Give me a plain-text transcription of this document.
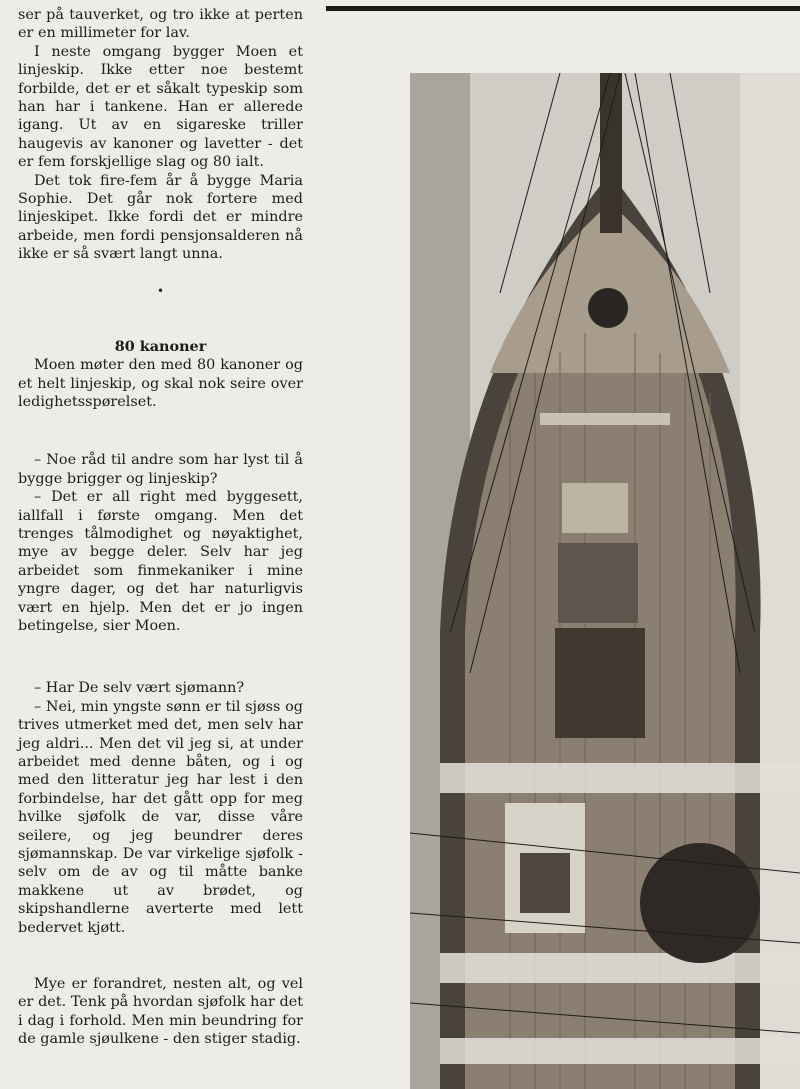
ser på tauverket, og tro ikke at perten er en millimeter for lav.

I neste omgang bygger Moen et linjeskip. Ikke etter noe bestemt forbilde, det er et såkalt typeskip som han har i tankene. Han er allerede igang. Ut av en sigareske triller haugevis av kanoner og lavetter - det er fem forskjellige slag og 80 ialt.

Det tok fire-fem år å bygge Maria Sophie. Det går nok fortere med linjeskipet. Ikke fordi det er mindre arbeide, men fordi pensjonsalderen nå ikke er så svært langt unna.

•
80 kanoner

Moen møter den med 80 kanoner og et helt linjeskip, og skal nok seire over ledighetsspørelset.

– Noe råd til andre som har lyst til å bygge brigger og linjeskip?

– Det er all right med byggesett, iallfall i første omgang. Men det trenges tålmodighet og nøyaktighet, mye av begge deler. Selv har jeg arbeidet som finmekaniker i mine yngre dager, og det har naturligvis vært en hjelp. Men det er jo ingen betingelse, sier Moen.

– Har De selv vært sjømann?

– Nei, min yngste sønn er til sjøss og trives utmerket med det, men selv har jeg aldri... Men det vil jeg si, at under arbeidet med denne båten, og i og med den litteratur jeg har lest i den forbindelse, har det gått opp for meg hvilke sjøfolk de var, disse våre seilere, og jeg beundrer deres sjømannskap. De var virkelige sjøfolk - selv om de av og til måtte banke makkene ut av brødet, og skipshandlerne averterte med lett bedervet kjøtt.

Mye er forandret, nesten alt, og vel er det. Tenk på hvordan sjøfolk har det i dag i forhold. Men min beundring for de gamle sjøulkene - den stiger stadig.
